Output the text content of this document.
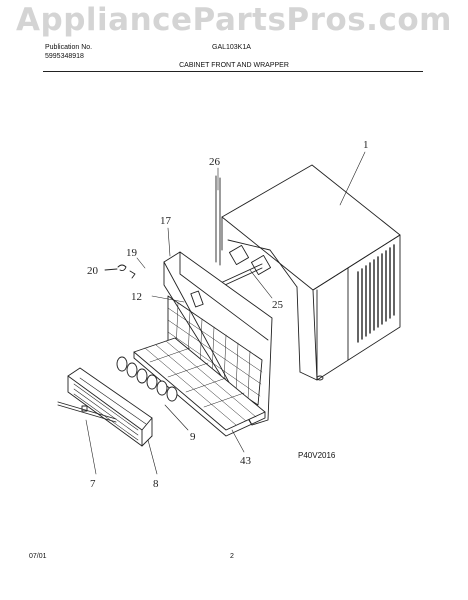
AppliancePartsPros.com
Publication No.
5995348918
GAL103K1A
CABINET FRONT AND WRAPPER
1
26
17
19
20
12
25
9
43
7	8
P40V2016
07/01	2
